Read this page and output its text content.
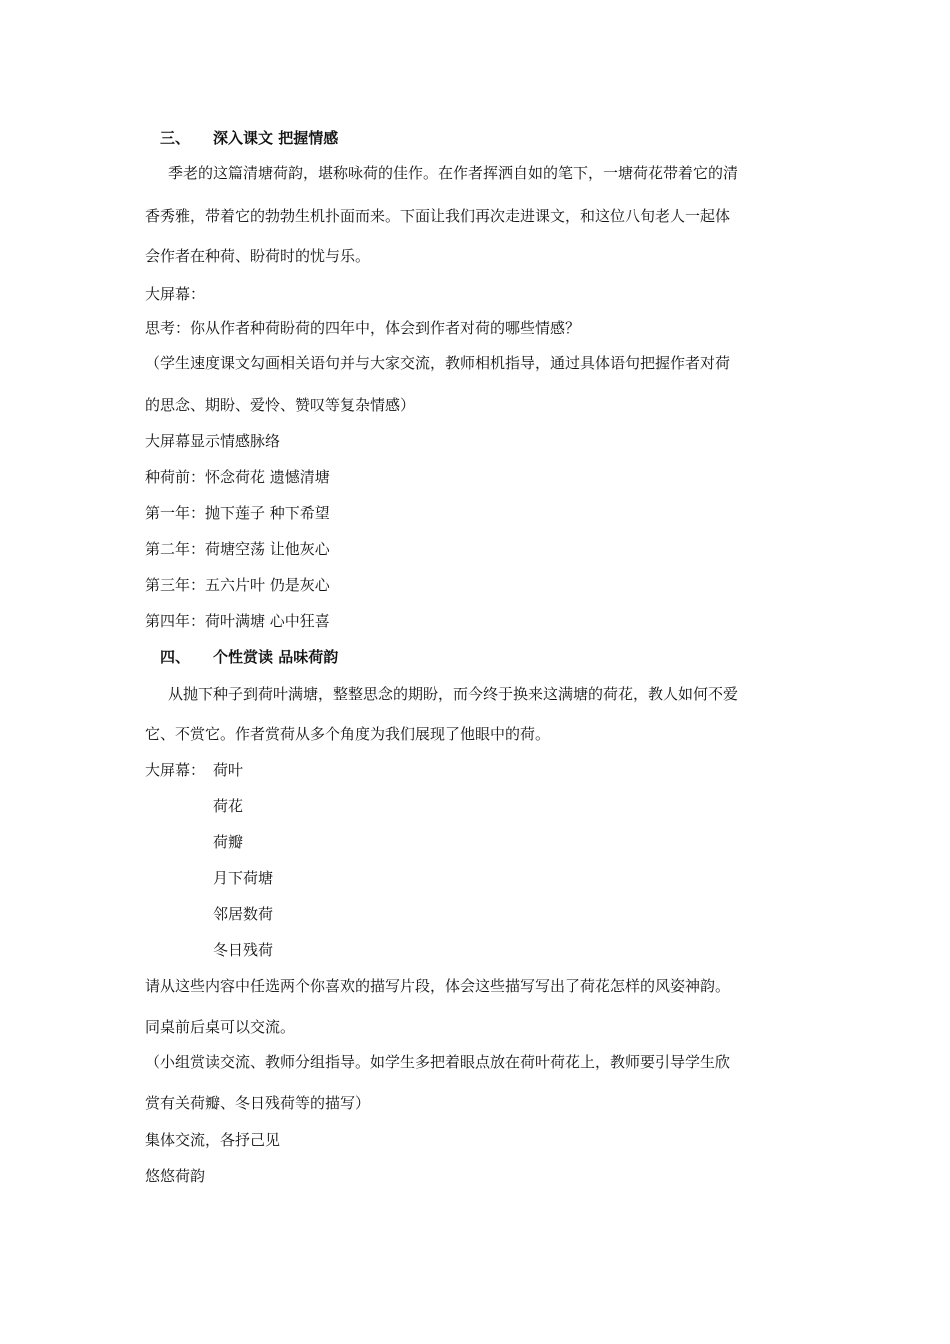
三、 深入课文 把握情感
季老的这篇清塘荷韵，堪称咏荷的佳作。在作者挥洒自如的笔下，一塘荷花带着它的清
香秀雅，带着它的勃勃生机扑面而来。下面让我们再次走进课文，和这位八旬老人一起体
会作者在种荷、盼荷时的忧与乐。
大屏幕：
思考：你从作者种荷盼荷的四年中，体会到作者对荷的哪些情感？
（学生速度课文勾画相关语句并与大家交流，教师相机指导，通过具体语句把握作者对荷
的思念、期盼、爱怜、赞叹等复杂情感）
大屏幕显示情感脉络
种荷前：怀念荷花 遗憾清塘
第一年：抛下莲子 种下希望
第二年：荷塘空荡 让他灰心
第三年：五六片叶 仍是灰心
第四年：荷叶满塘 心中狂喜
四、 个性赏读 品味荷韵
从抛下种子到荷叶满塘，整整思念的期盼，而今终于换来这满塘的荷花，教人如何不爱
它、不赏它。作者赏荷从多个角度为我们展现了他眼中的荷。
大屏幕： 荷叶
荷花
荷瓣
月下荷塘
邻居数荷
冬日残荷
请从这些内容中任选两个你喜欢的描写片段，体会这些描写写出了荷花怎样的风姿神韵。
同桌前后桌可以交流。
（小组赏读交流、教师分组指导。如学生多把着眼点放在荷叶荷花上，教师要引导学生欣
赏有关荷瓣、冬日残荷等的描写）
集体交流，各抒己见
悠悠荷韵
